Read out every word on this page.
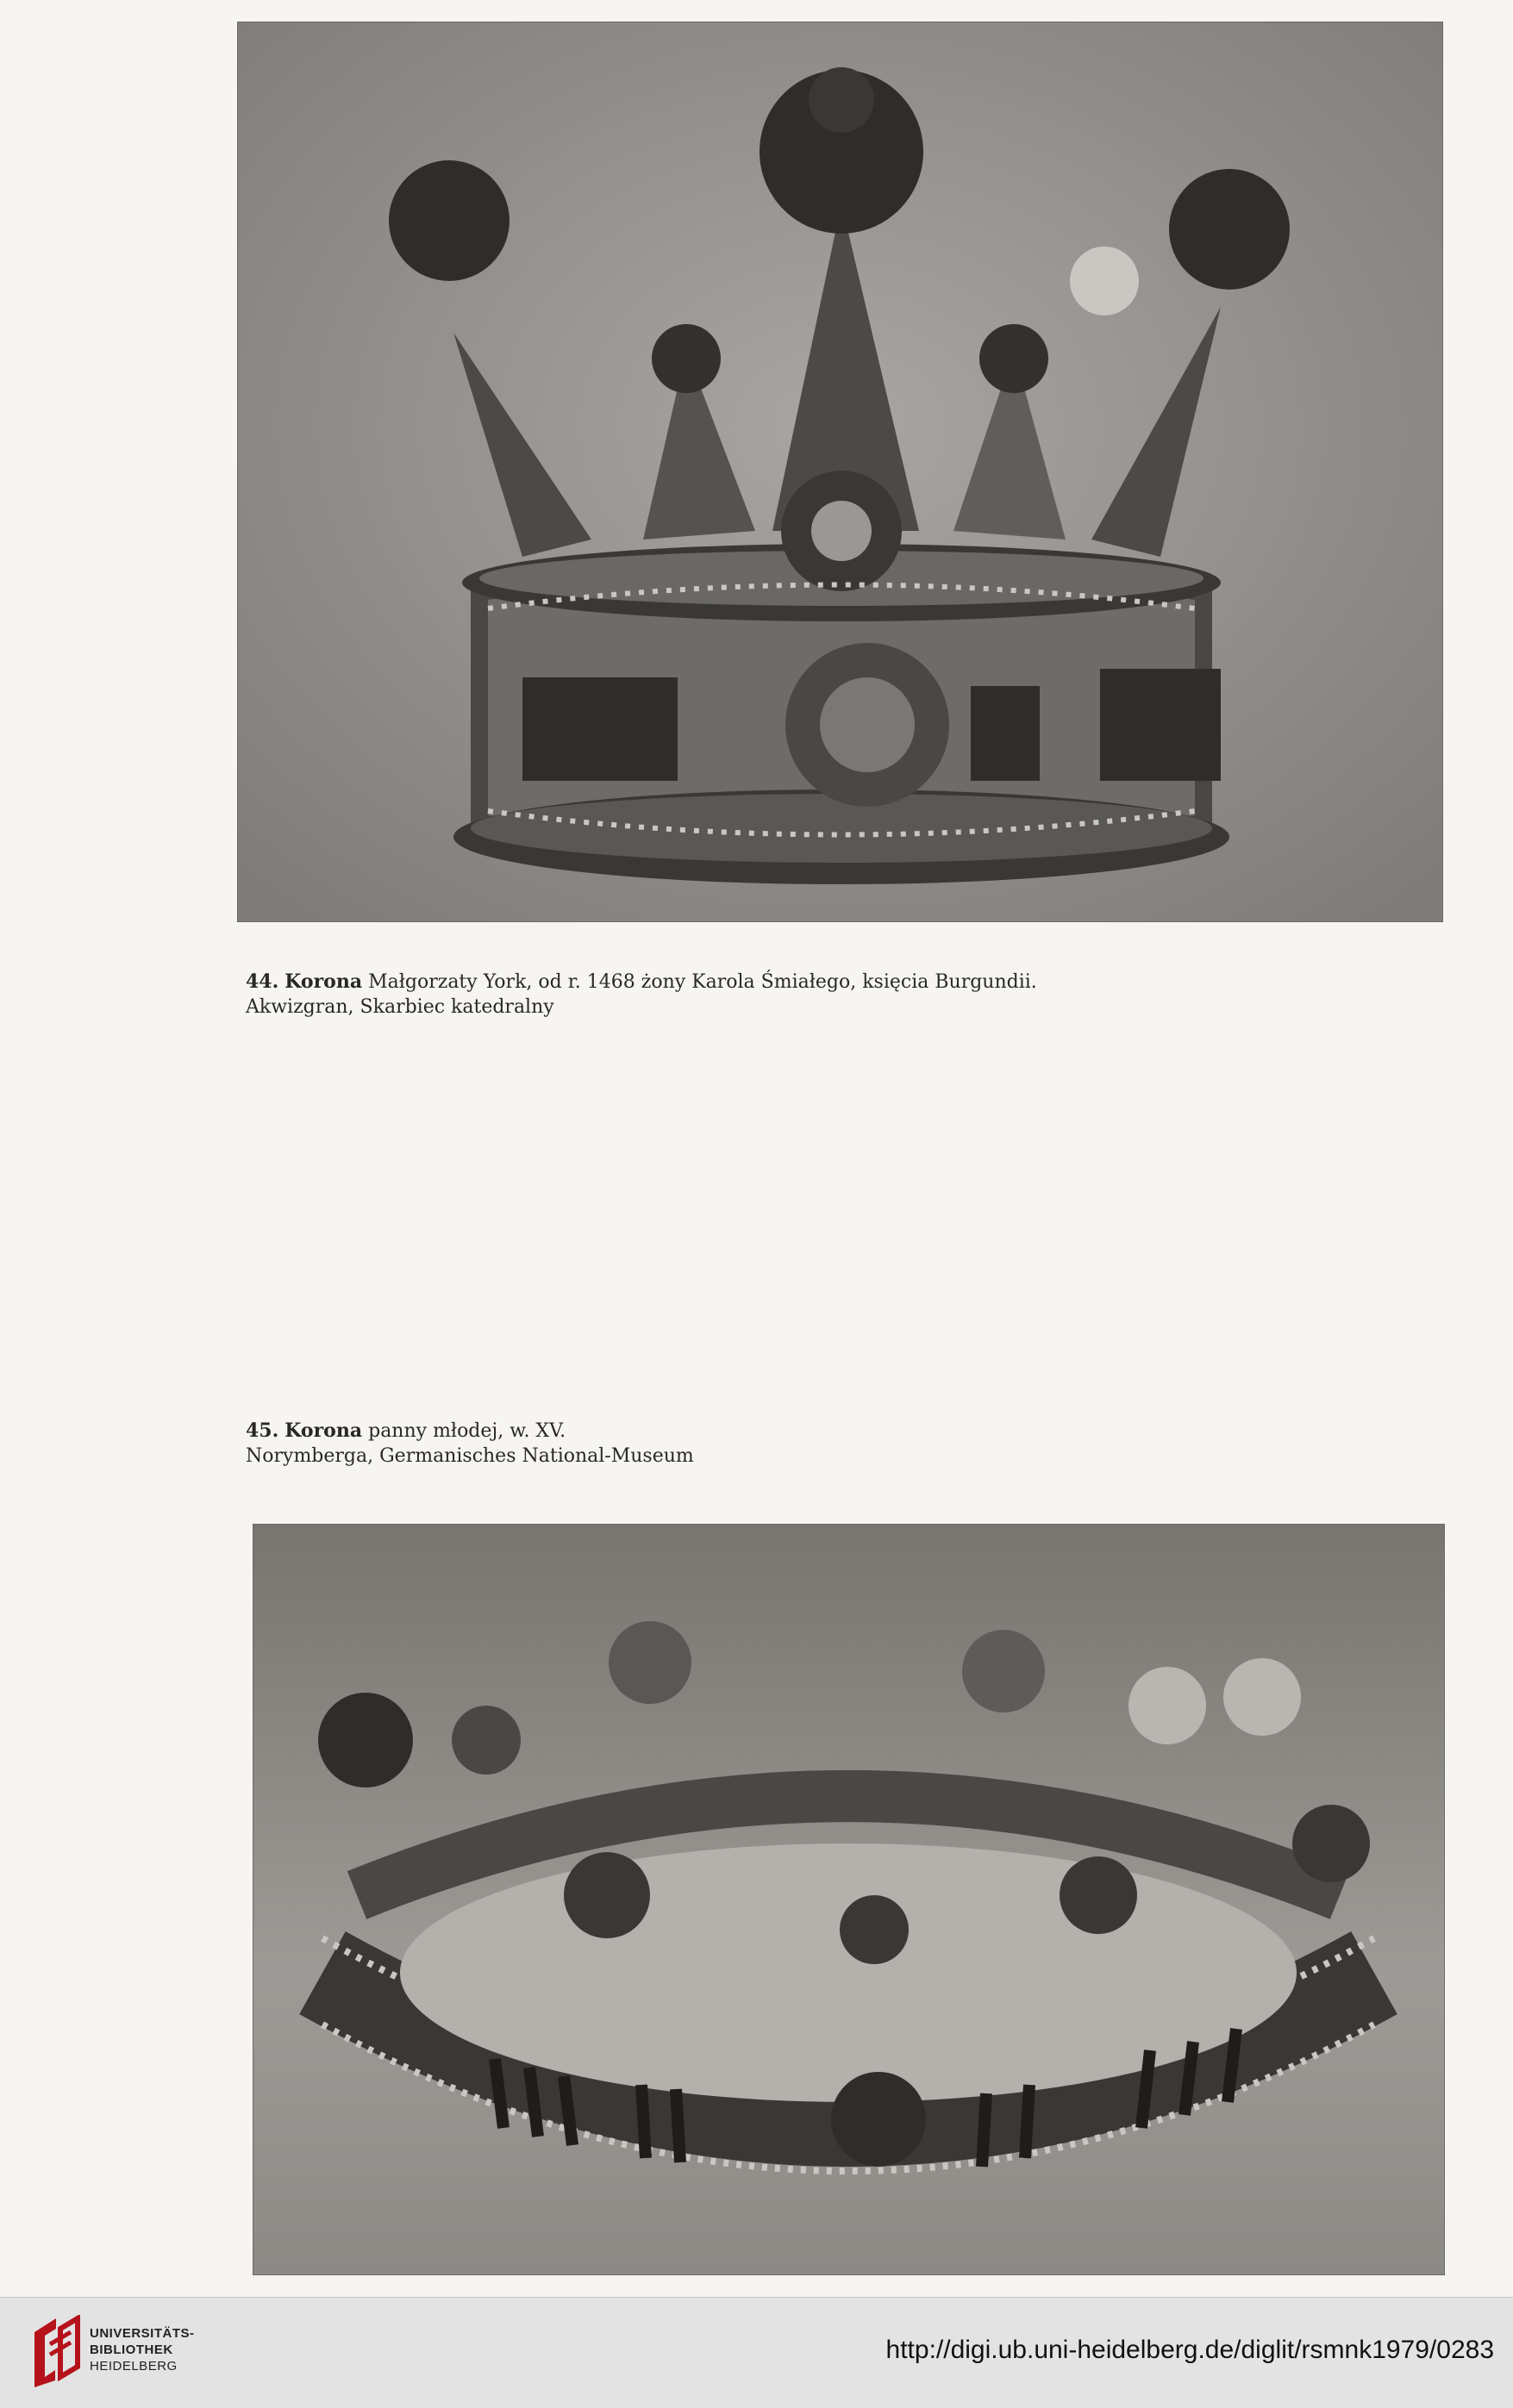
44. Korona Małgorzaty York, od r. 1468 żony Karola Śmiałego, księcia Burgundii.
Akwizgran, Skarbiec katedralny
45. Korona panny młodej, w. XV.
Norymberga, Germanisches National-Museum
UNIVERSITÄTS-
BIBLIOTHEK
HEIDELBERG
http://digi.ub.uni-heidelberg.de/diglit/rsmnk1979/0283
